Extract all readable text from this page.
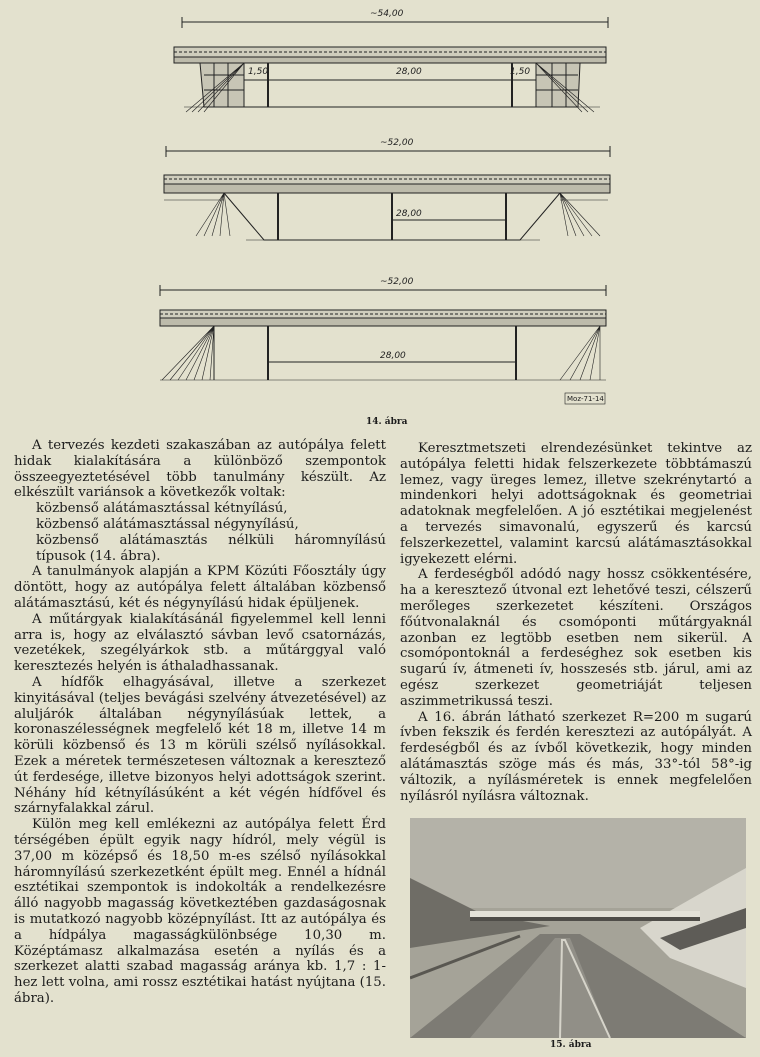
~54,00
1,50	28,00	1,50
~52,00
28,00
~52,00
28,00
Moz-71-14
14. ábra

A tervezés kezdeti szakaszában az autópálya felett hidak kialakítására a különböző szempontok összeegyeztetésével több tanulmány készült. Az elkészült variánsok a következők voltak:

közbenső alátámasztással kétnyílású,

közbenső alátámasztással négynyílású,

közbenső alátámasztás nélküli háromnyílású típusok (14. ábra).

A tanulmányok alapján a KPM Közúti Főosztály úgy döntött, hogy az autópálya felett általában közbenső alátámasztású, két és négynyílású hidak épüljenek.

A műtárgyak kialakításánál figyelemmel kell lenni arra is, hogy az elválasztó sávban levő csatornázás, vezetékek, szegélyárkok stb. a műtárggyal való keresztezés helyén is áthaladhassanak.

A hídfők elhagyásával, illetve a szerkezet kinyitásával (teljes bevágási szelvény átvezetésével) az aluljárók általában négynyílásúak lettek, a koronaszélességnek megfelelő két 18 m, illetve 14 m körüli közbenső és 13 m körüli szélső nyílásokkal. Ezek a méretek természetesen változnak a keresztező út ferdesége, illetve bizonyos helyi adottságok szerint. Néhány híd kétnyílásúként a két végén hídfővel és szárnyfalakkal zárul.

Külön meg kell emlékezni az autópálya felett Érd térségében épült egyik nagy hídról, mely végül is 37,00 m középső és 18,50 m-es szélső nyílásokkal háromnyílású szerkezetként épült meg. Ennél a hídnál esztétikai szempontok is indokolták a rendelkezésre álló nagyobb magasság következtében gazdaságosnak is mutatkozó nagyobb középnyílást. Itt az autópálya és a hídpálya magasságkülönbsége 10,30 m. Középtámasz alkalmazása esetén a nyílás és a szerkezet alatti szabad magasság aránya kb. 1,7 : 1-hez lett volna, ami rossz esztétikai hatást nyújtana (15. ábra).

Keresztmetszeti elrendezésünket tekintve az autópálya feletti hidak felszerkezete többtámaszú lemez, vagy üreges lemez, illetve szekrénytartó a mindenkori helyi adottságoknak és geometriai adatoknak megfelelően. A jó esztétikai megjelenést a tervezés simavonalú, egyszerű és karcsú felszerkezettel, valamint karcsú alátámasztásokkal igyekezett elérni.

A ferdeségből adódó nagy hossz csökkentésére, ha a keresztező útvonal ezt lehetővé teszi, célszerű merőleges szerkezetet készíteni. Országos főútvonalaknál és csomóponti műtárgyaknál azonban ez legtöbb esetben nem sikerül. A csomópontoknál a ferdeséghez sok esetben kis sugarú ív, átmeneti ív, hosszesés stb. járul, ami az egész szerkezet geometriáját teljesen aszimmetrikussá teszi.

A 16. ábrán látható szerkezet R=200 m sugarú ívben fekszik és ferdén keresztezi az autópályát. A ferdeségből és az ívből következik, hogy minden alátámasztás szöge más és más, 33°-tól 58°-ig változik, a nyílásméretek is ennek megfelelően nyílásról nyílásra változnak.

15. ábra
